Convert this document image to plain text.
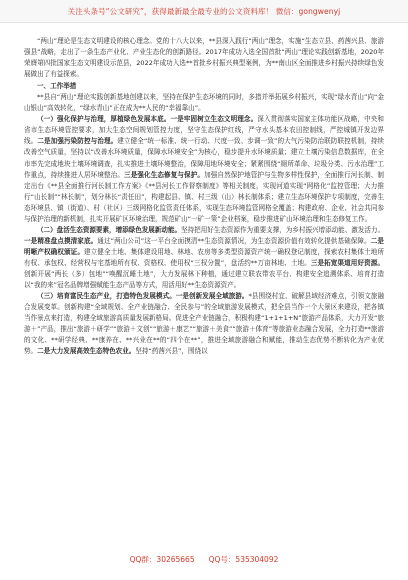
关注头条号“公文研究”，获得最新最全最专业的公文资料库！ 微信：gongwenyj

“两山”理论是生态文明建设的核心理念。党的十八大以来，**县深入践行“两山”理念，实施“生态立县、药茜兴县、旅游强县”战略，走出了一条生态产业化、产业生态化的创新路径。2017年成功入选全国首批“两山”理论实践创新基地，2020年荣膺第四批国家生态文明建设示范县，2022年成功入选**首批乡村振兴典型案例，为**南山区全面推进乡村振兴持续绿色发展做出了有益探索。

一、工作举措

**县自“两山”理论实践创新基地创建以来，坚持在保护生态环境的同时，多措并举拓展乡村振兴，实现“绿水青山”向“金山银山”高效转化，“绿水青山”正在成为**人民的“幸福靠山”。

（一）强化保护与治理，厚植绿色发展本底。一是牢固树立生态文明理念。深入贯彻落实国家主体功能区战略，中央和省市生态环境管控要求，加大生态空间规划管控力度，坚守生态保护红线，严守水头基本农田控制线，严控城镇开发边界线。二是加强污染防控与治理。建立健全“统一标准、统一行动、尺度一致、步调一致”的大气污染防治联防联控机制，持续改善空气质量，坚持以“改善水环境质量，保障水环境安全”为核心，稳步提升水环境质量；建立土壤污染信息数据库，在全市率先完成地块土壤环境调查，扎实推进土壤环境整治，保障用地环境安全；紧紧围绕“厕所革命、垃圾分类、污水治理”工作重点，持续推进人居环境整治。三是强化生态修复与保护。加强自然保护地管护与生物多样性保护，全面推行河长制、制定出台《**县全面推行河长制工作方案》《**县河长工作督察制度》等相关制度，实现河道实现“网格化”监控管理；大力推行“山长制”“林长制”，划分林长“责任田”，构建起县、镇、村三级（山）林长制体系；建立生态环境保护专项制度，完善生态环境县、镇（街道）、村（社区）三级网格化监管责任体系，实现生态环境监管网格全覆盖；构建政府、企业、社会共同参与保护治理的新机制，扎实开展矿区环境治理，规范矿山“一矿一策”企业档案，稳步推进矿山环境治理和生态修复工作。

（二）盘活生态资源要素，增添绿色发展新动能。坚持把用好生态资源作为重要支撑，为乡村振兴增添动能、激发活力。一是精准盘点摸清家底。通过“两山公司”这一平台全面摸清**生态资源情况，为生态资源价值有效转化提供基础保障。二是明晰产权确权颁证。建立健全土地、集体建设用地、林地、农房等多类型资源资产统一确权登记制度，探索农村集体土地所有权、承包权、经营权与宅基地所有权、资格权、使用权“三权分置”，盘活约**万亩林地、土地。三是拓宽渠道用好资源。创新开展“两长（多）包地”“唤醒沉睡土地”，大力发展林下种植，通过建立联农带农平台、构建安全追溯体系、培育打造以“我的来”冠名品牌增强赋能生态产品等方式，用活用好**生态资源资产。

（三）培育富民生态产业，打造特色发展模式。一是创新发展全域旅游。*县围绕村宜、破解县域经济难点，引领文旅融合发展变革。创新构建“全域规划、全产业链融合、全民参与”的全域旅游发展模式，把全县当作一个大景区来建设，把各镇当作景点来打造，构建全域旅游高质量发展新格局。促进全产业链融合，积极构建“1+1+1+N”旅游产品体系，大力开发“旅游＋”产品，推出“旅游＋研学”“旅游＋文创”“旅游＋康艺”“旅游＋美食”“旅游＋体育”等旅游业态融合发展，全力打造**旅游的文化、**研学经典、**康养在、**兴业在**的“四个在**”，推进全域旅游融合和赋能，推动生态优势不断转化为产业优势。二是大力发展高效生态特色农业。坚持“药茜兴县”，围绕以

QQ群：30265665 QQ号：535304092
